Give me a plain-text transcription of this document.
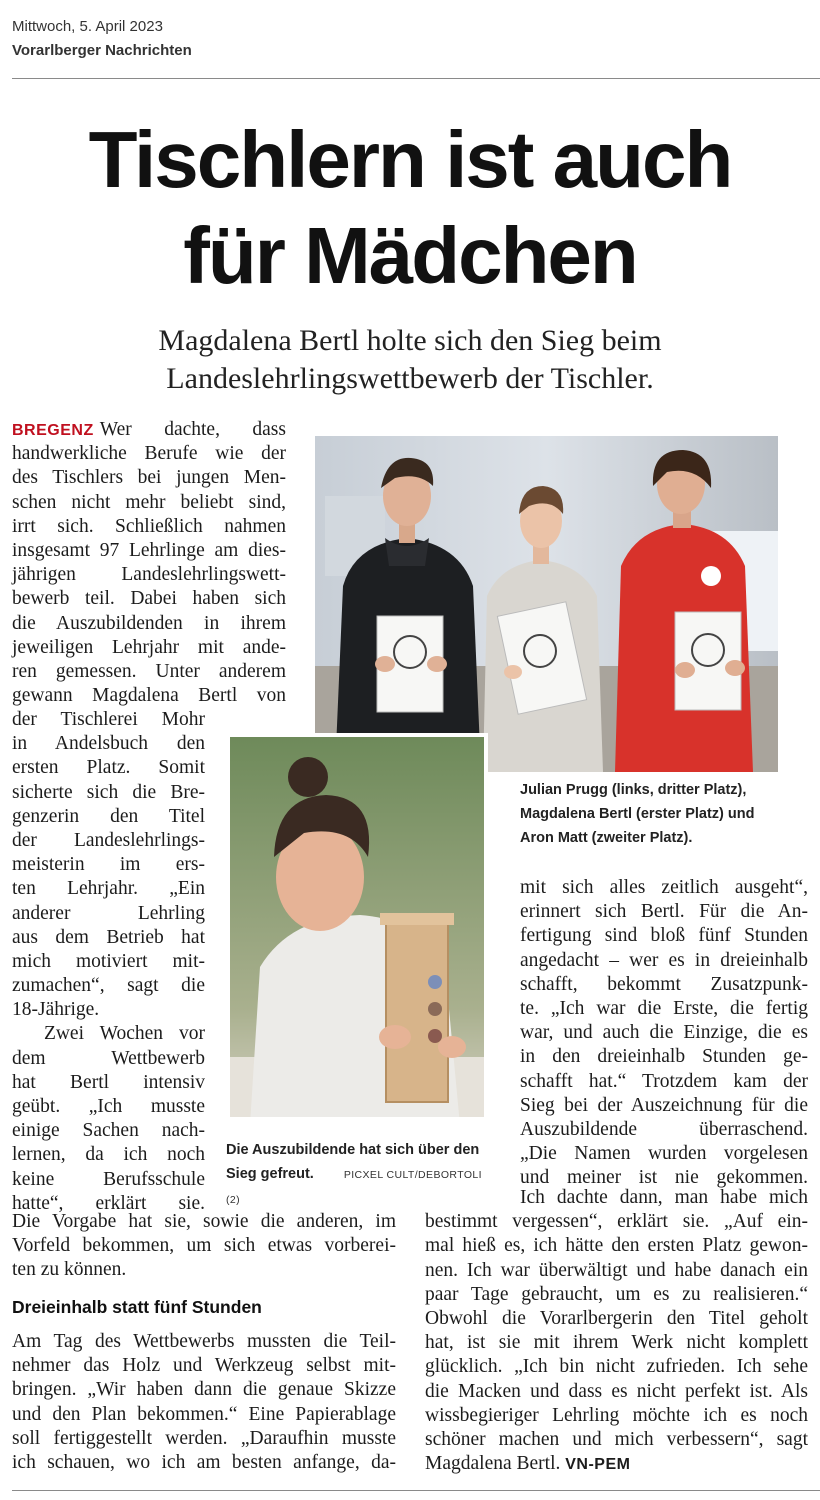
Mittwoch, 5. April 2023
Vorarlberger Nachrichten
Tischlern ist auch
für Mädchen
Magdalena Bertl holte sich den Sieg beim
Landeslehrlingswettbewerb der Tischler.
BREGENZ Wer dachte, dass
handwerkliche Berufe wie der
des Tischlers bei jungen Men-
schen nicht mehr beliebt sind,
irrt sich. Schließlich nahmen
insgesamt 97 Lehrlinge am dies-
jährigen Landeslehrlingswett-
bewerb teil. Dabei haben sich
die Auszubildenden in ihrem
jeweiligen Lehrjahr mit ande-
ren gemessen. Unter anderem
gewann Magdalena Bertl von
der Tischlerei Mohr
in Andelsbuch den
ersten Platz. Somit
sicherte sich die Bre-
genzerin den Titel
der Landeslehrlings-
meisterin im ers-
ten Lehrjahr. „Ein
anderer Lehrling
aus dem Betrieb hat
mich motiviert mit-
zumachen“, sagt die
18-Jährige.
Zwei Wochen vor
dem Wettbewerb
hat Bertl intensiv
geübt. „Ich musste
einige Sachen nach-
lernen, da ich noch
keine Berufsschule
hatte“, erklärt sie.
Die Vorgabe hat sie, sowie die anderen, im
Vorfeld bekommen, um sich etwas vorberei-
ten zu können.
Dreieinhalb statt fünf Stunden
Am Tag des Wettbewerbs mussten die Teil-
nehmer das Holz und Werkzeug selbst mit-
bringen. „Wir haben dann die genaue Skizze
und den Plan bekommen.“ Eine Papierablage
soll fertiggestellt werden. „Daraufhin musste
ich schauen, wo ich am besten anfange, da-
mit sich alles zeitlich ausgeht“,
erinnert sich Bertl. Für die An-
fertigung sind bloß fünf Stunden
angedacht – wer es in dreieinhalb
schafft, bekommt Zusatzpunk-
te. „Ich war die Erste, die fertig
war, und auch die Einzige, die es
in den dreieinhalb Stunden ge-
schafft hat.“ Trotzdem kam der
Sieg bei der Auszeichnung für die
Auszubildende überraschend.
„Die Namen wurden vorgelesen
und meiner ist nie gekommen.
Ich dachte dann, man habe mich
bestimmt vergessen“, erklärt sie. „Auf ein-
mal hieß es, ich hätte den ersten Platz gewon-
nen. Ich war überwältigt und habe danach ein
paar Tage gebraucht, um es zu realisieren.“
Obwohl die Vorarlbergerin den Titel geholt
hat, ist sie mit ihrem Werk nicht komplett
glücklich. „Ich bin nicht zufrieden. Ich sehe
die Macken und dass es nicht perfekt ist. Als
wissbegieriger Lehrling möchte ich es noch
schöner machen und mich verbessern“, sagt
Magdalena Bertl. VN-PEM
Julian Prugg (links, dritter Platz),
Magdalena Bertl (erster Platz) und
Aron Matt (zweiter Platz).
Die Auszubildende hat sich über den
Sieg gefreut.	PICXEL CULT/DEBORTOLI (2)
